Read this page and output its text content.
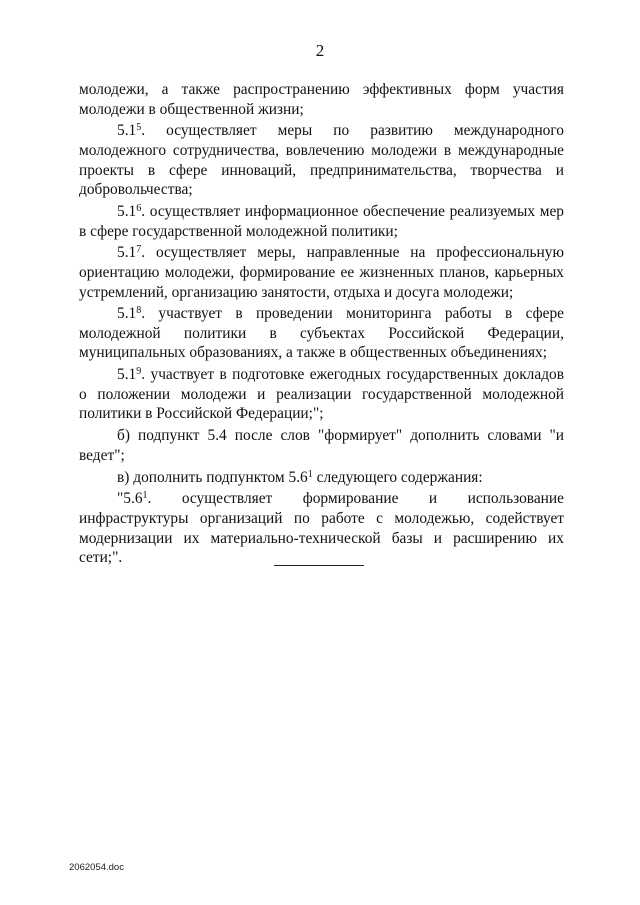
2

молодежи, а также распространению эффективных форм участия молодежи в общественной жизни;

$5.1^5$. осуществляет меры по развитию международного молодежного сотрудничества, вовлечению молодежи в международные проекты в сфере инноваций, предпринимательства, творчества и добровольчества;

$5.1^6$. осуществляет информационное обеспечение реализуемых мер в сфере государственной молодежной политики;

$5.1^7$. осуществляет меры, направленные на профессиональную ориентацию молодежи, формирование ее жизненных планов, карьерных устремлений, организацию занятости, отдыха и досуга молодежи;

$5.1^8$. участвует в проведении мониторинга работы в сфере молодежной политики в субъектах Российской Федерации, муниципальных образованиях, а также в общественных объединениях;

$5.1^9$. участвует в подготовке ежегодных государственных докладов о положении молодежи и реализации государственной молодежной политики в Российской Федерации;";

б) подпункт 5.4 после слов "формирует" дополнить словами "и ведет";

в) дополнить подпунктом $5.6^1$ следующего содержания:

"$5.6^1$. осуществляет формирование и использование инфраструктуры организаций по работе с молодежью, содействует модернизации их материально-технической базы и расширению их сети;".

2062054.doc
